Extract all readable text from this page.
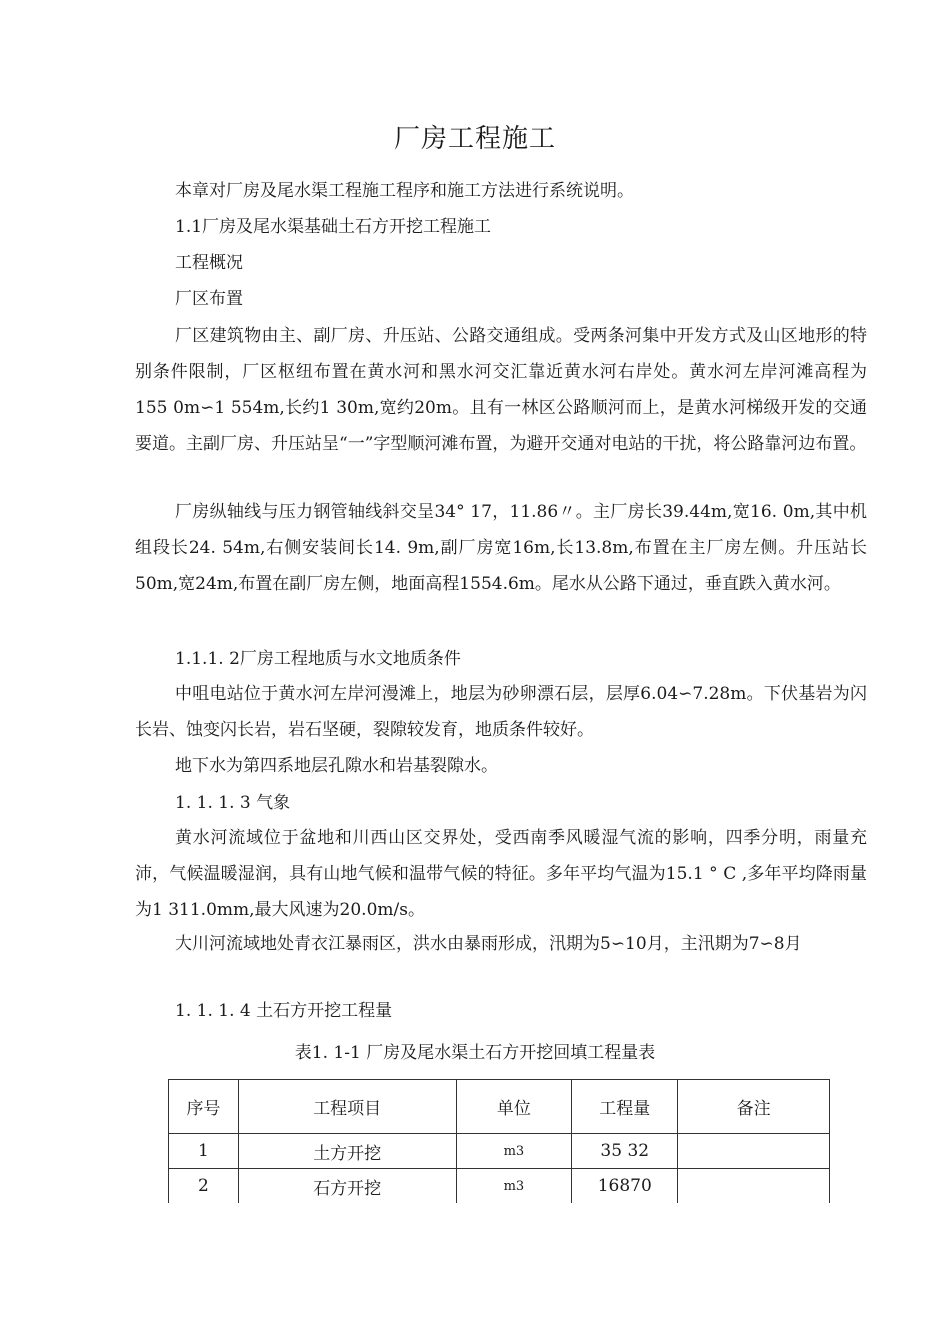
厂房工程施工
本章对厂房及尾水渠工程施工程序和施工方法进行系统说明。
1.1厂房及尾水渠基础土石方开挖工程施工
工程概况
厂区布置
厂区建筑物由主、副厂房、升压站、公路交通组成。受两条河集中开发方式及山区地形的特别条件限制，厂区枢纽布置在黄水河和黑水河交汇靠近黄水河右岸处。黄水河左岸河滩高程为 155 0m∽1 554m,长约1 30m,宽约20m。且有一林区公路顺河而上，是黄水河梯级开发的交通要道。主副厂房、升压站呈“一”字型顺河滩布置，为避开交通对电站的干扰，将公路靠河边布置。
厂房纵轴线与压力钢管轴线斜交呈34° 17，11.86〃。主厂房长39.44m,宽16. 0m,其中机组段长24. 54m,右侧安装间长14. 9m,副厂房宽16m,长13.8m,布置在主厂房左侧。升压站长50m,宽24m,布置在副厂房左侧，地面高程1554.6m。尾水从公路下通过，垂直跌入黄水河。
1.1.1. 2厂房工程地质与水文地质条件
中咀电站位于黄水河左岸河漫滩上，地层为砂卵漂石层，层厚6.04∽7.28m。下伏基岩为闪长岩、蚀变闪长岩，岩石坚硬，裂隙较发育，地质条件较好。
地下水为第四系地层孔隙水和岩基裂隙水。
1. 1. 1. 3 气象
黄水河流域位于盆地和川西山区交界处，受西南季风暖湿气流的影响，四季分明，雨量充沛，气候温暖湿润，具有山地气候和温带气候的特征。多年平均气温为15.1 ° C ,多年平均降雨量为1 311.0mm,最大风速为20.0m/s。
大川河流域地处青衣江暴雨区，洪水由暴雨形成，汛期为5∽10月，主汛期为7∽8月
1. 1. 1. 4 土石方开挖工程量
表1. 1-1 厂房及尾水渠土石方开挖回填工程量表
序号	工程项目	单位	工程量	备注
1	土方开挖	m3	35 32	
2	石方开挖	m3	16870	
